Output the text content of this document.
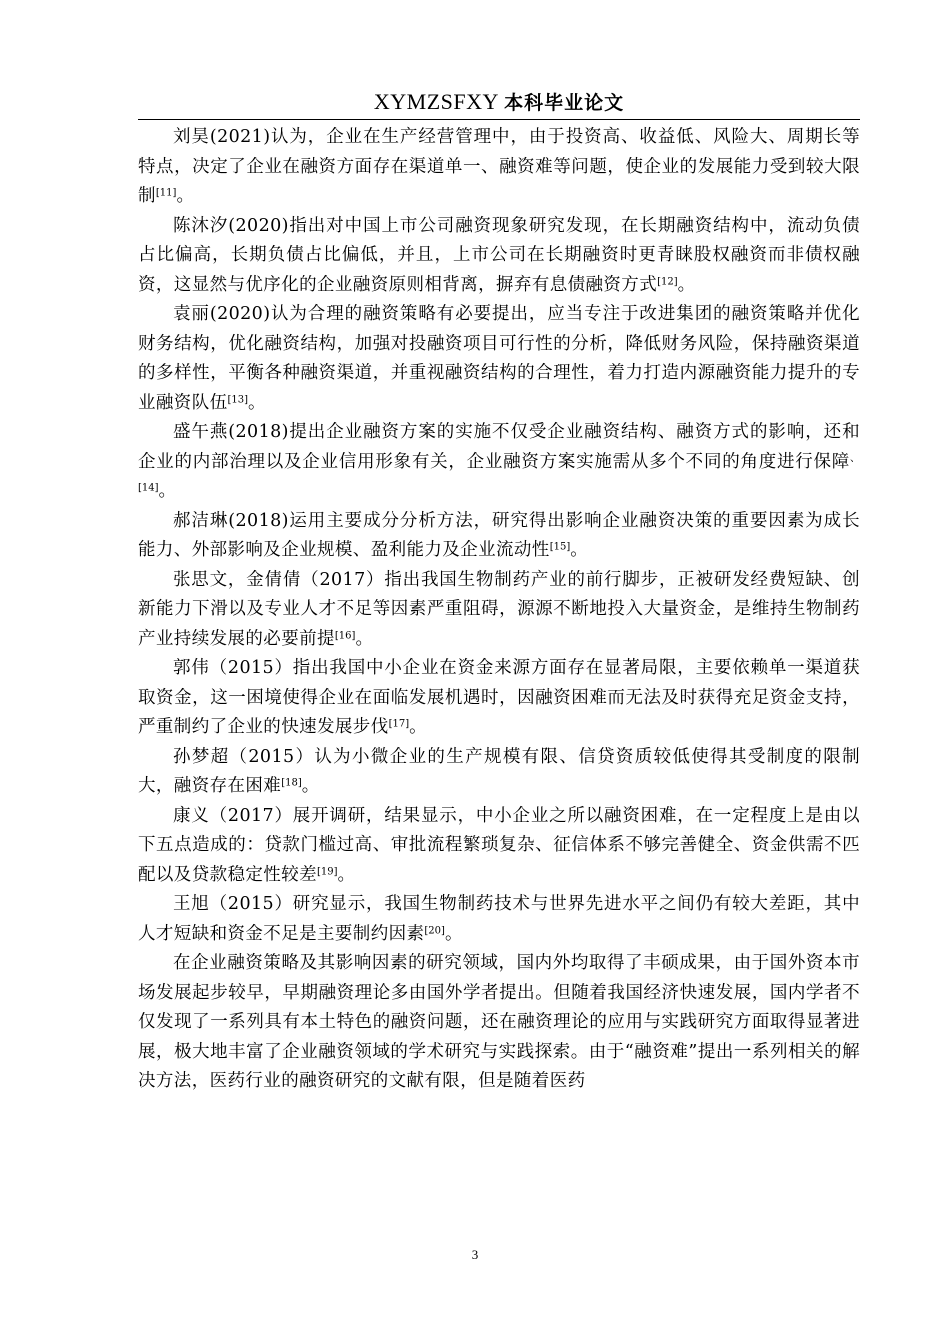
XYMZSFXY 本科毕业论文

刘昊(2021)认为，企业在生产经营管理中，由于投资高、收益低、风险大、周期长等特点，决定了企业在融资方面存在渠道单一、融资难等问题，使企业的发展能力受到较大限制[11]。

陈沐汐(2020)指出对中国上市公司融资现象研究发现，在长期融资结构中，流动负债占比偏高，长期负债占比偏低，并且，上市公司在长期融资时更青睐股权融资而非债权融资，这显然与优序化的企业融资原则相背离，摒弃有息债融资方式[12]。

袁丽(2020)认为合理的融资策略有必要提出，应当专注于改进集团的融资策略并优化财务结构，优化融资结构，加强对投融资项目可行性的分析，降低财务风险，保持融资渠道的多样性，平衡各种融资渠道，并重视融资结构的合理性，着力打造内源融资能力提升的专业融资队伍[13]。

盛午燕(2018)提出企业融资方案的实施不仅受企业融资结构、融资方式的影响，还和企业的内部治理以及企业信用形象有关，企业融资方案实施需从多个不同的角度进行保障$^{、[14]}$。

郝洁琳(2018)运用主要成分分析方法，研究得出影响企业融资决策的重要因素为成长能力、外部影响及企业规模、盈利能力及企业流动性[15]。

张思文，金倩倩（2017）指出我国生物制药产业的前行脚步，正被研发经费短缺、创新能力下滑以及专业人才不足等因素严重阻碍，源源不断地投入大量资金，是维持生物制药产业持续发展的必要前提[16]。

郭伟（2015）指出我国中小企业在资金来源方面存在显著局限，主要依赖单一渠道获取资金，这一困境使得企业在面临发展机遇时，因融资困难而无法及时获得充足资金支持，严重制约了企业的快速发展步伐[17]。

孙梦超（2015）认为小微企业的生产规模有限、信贷资质较低使得其受制度的限制大，融资存在困难[18]。

康义（2017）展开调研，结果显示，中小企业之所以融资困难，在一定程度上是由以下五点造成的：贷款门槛过高、审批流程繁琐复杂、征信体系不够完善健全、资金供需不匹配以及贷款稳定性较差[19]。

王旭（2015）研究显示，我国生物制药技术与世界先进水平之间仍有较大差距，其中人才短缺和资金不足是主要制约因素[20]。

在企业融资策略及其影响因素的研究领域，国内外均取得了丰硕成果，由于国外资本市场发展起步较早，早期融资理论多由国外学者提出。但随着我国经济快速发展，国内学者不仅发现了一系列具有本土特色的融资问题，还在融资理论的应用与实践研究方面取得显著进展，极大地丰富了企业融资领域的学术研究与实践探索。由于“融资难”提出一系列相关的解决方法，医药行业的融资研究的文献有限，但是随着医药

3
